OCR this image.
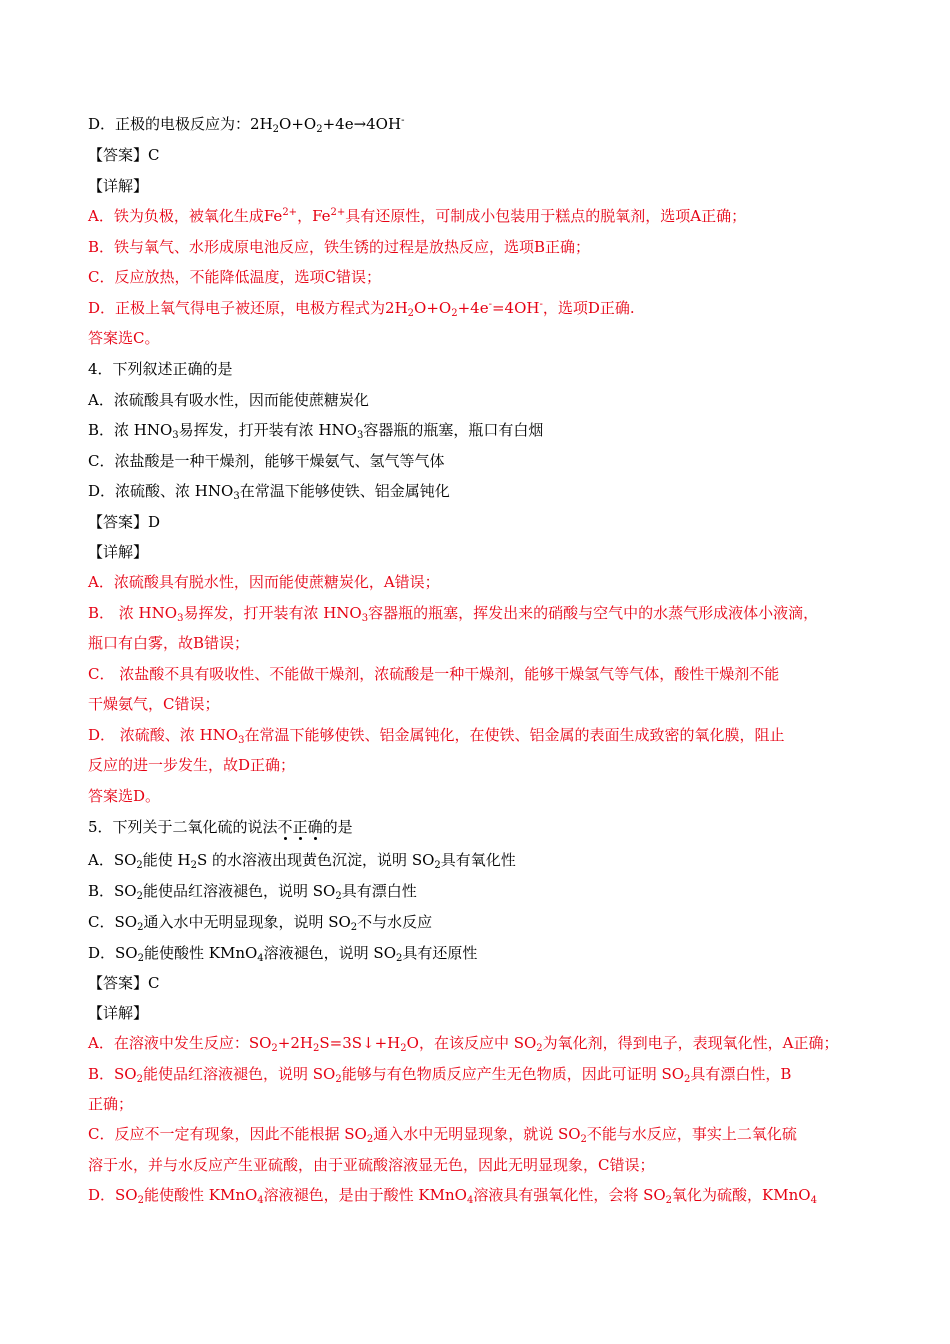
D．正极的电极反应为：$2H_2O+O_2+4e\to 4OH^-$
【答案】C
【详解】
A．铁为负极，被氧化生成$Fe^{2+}$，$Fe^{2+}$具有还原性，可制成小包装用于糕点的脱氧剂，选项A正确；
B．铁与氧气、水形成原电池反应，铁生锈的过程是放热反应，选项B正确；
C．反应放热，不能降低温度，选项C错误；
D．正极上氧气得电子被还原，电极方程式为$2H_2O+O_2+4e^-=4OH^-$，选项D正确.
答案选C。
4．下列叙述正确的是
A．浓硫酸具有吸水性，因而能使蔗糖炭化
B．浓 $HNO_3$易挥发，打开装有浓 $HNO_3$容器瓶的瓶塞，瓶口有白烟
C．浓盐酸是一种干燥剂，能够干燥氨气、氢气等气体
D．浓硫酸、浓 $HNO_3$在常温下能够使铁、铝金属钝化
【答案】D
【详解】
A．浓硫酸具有脱水性，因而能使蔗糖炭化，A错误；
B． 浓 $HNO_3$易挥发，打开装有浓 $HNO_3$容器瓶的瓶塞，挥发出来的硝酸与空气中的水蒸气形成液体小液滴，
瓶口有白雾，故B错误；
C． 浓盐酸不具有吸收性、不能做干燥剂，浓硫酸是一种干燥剂，能够干燥氢气等气体，酸性干燥剂不能
干燥氨气，C错误；
D． 浓硫酸、浓 $HNO_3$在常温下能够使铁、铝金属钝化，在使铁、铝金属的表面生成致密的氧化膜，阻止
反应的进一步发生，故D正确；
答案选D。
5．下列关于二氧化硫的说法不正确的是
A．$SO_2$能使 $H_2S$ 的水溶液出现黄色沉淀，说明 $SO_2$具有氧化性
B．$SO_2$能使品红溶液褪色，说明 $SO_2$具有漂白性
C．$SO_2$通入水中无明显现象，说明 $SO_2$不与水反应
D．$SO_2$能使酸性 KMnO$_4$溶液褪色，说明 $SO_2$具有还原性
【答案】C
【详解】
A．在溶液中发生反应：$SO_2+2H_2S=3S↓+H_2O$，在该反应中 $SO_2$为氧化剂，得到电子，表现氧化性，A正确；
B．$SO_2$能使品红溶液褪色，说明 $SO_2$能够与有色物质反应产生无色物质，因此可证明 $SO_2$具有漂白性，B
正确；
C．反应不一定有现象，因此不能根据 $SO_2$通入水中无明显现象，就说 $SO_2$不能与水反应，事实上二氧化硫
溶于水，并与水反应产生亚硫酸，由于亚硫酸溶液显无色，因此无明显现象，C错误；
D．$SO_2$能使酸性 KMnO$_4$溶液褪色，是由于酸性 KMnO$_4$溶液具有强氧化性，会将 $SO_2$氧化为硫酸，KMnO$_4$
